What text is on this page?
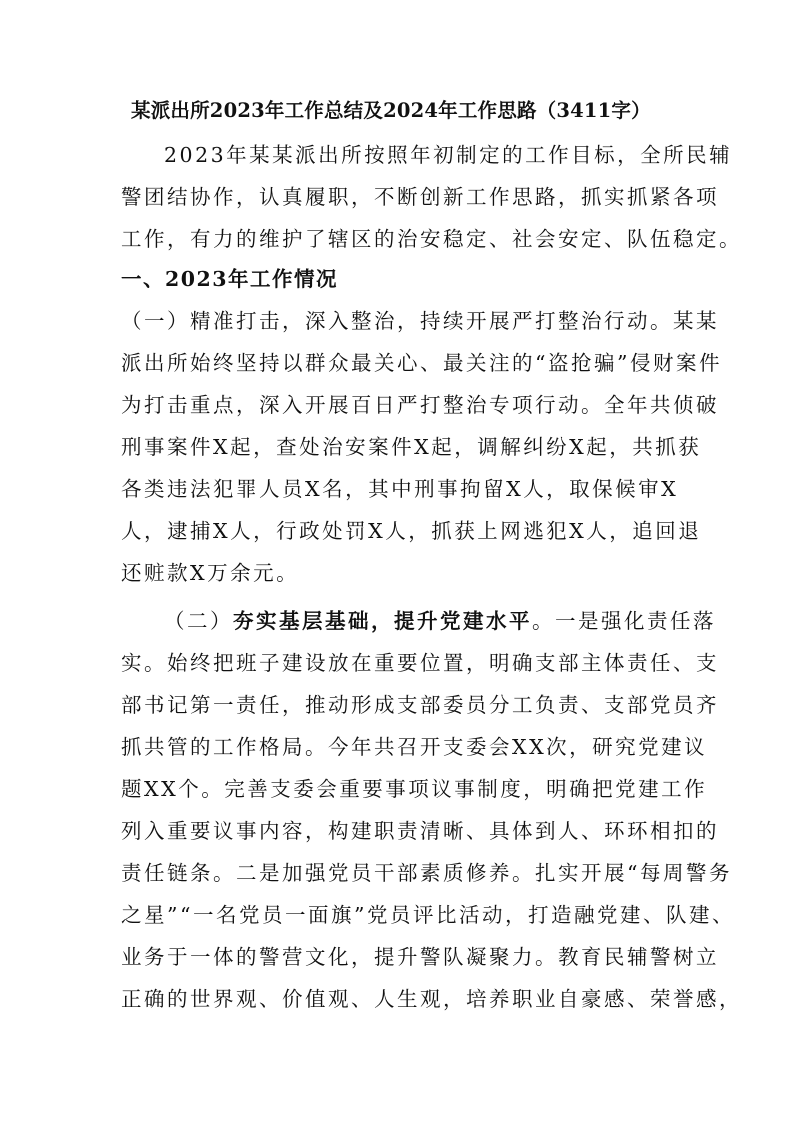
某派出所2023年工作总结及2024年工作思路（3411字）
2023年某某派出所按照年初制定的工作目标，全所民辅
警团结协作，认真履职，不断创新工作思路，抓实抓紧各项
工作，有力的维护了辖区的治安稳定、社会安定、队伍稳定。
一、2023年工作情况
（一）精准打击，深入整治，持续开展严打整治行动。某某
派出所始终坚持以群众最关心、最关注的“盗抢骗”侵财案件
为打击重点，深入开展百日严打整治专项行动。全年共侦破
刑事案件X起，查处治安案件X起，调解纠纷X起，共抓获
各类违法犯罪人员X名，其中刑事拘留X人，取保候审X
人，逮捕X人，行政处罚X人，抓获上网逃犯X人，追回退
还赃款X万余元。
（二）夯实基层基础，提升党建水平。一是强化责任落
实。始终把班子建设放在重要位置，明确支部主体责任、支
部书记第一责任，推动形成支部委员分工负责、支部党员齐
抓共管的工作格局。今年共召开支委会XX次，研究党建议
题XX个。完善支委会重要事项议事制度，明确把党建工作
列入重要议事内容，构建职责清晰、具体到人、环环相扣的
责任链条。二是加强党员干部素质修养。扎实开展“每周警务
之星”“一名党员一面旗”党员评比活动，打造融党建、队建、
业务于一体的警营文化，提升警队凝聚力。教育民辅警树立
正确的世界观、价值观、人生观，培养职业自豪感、荣誉感，
